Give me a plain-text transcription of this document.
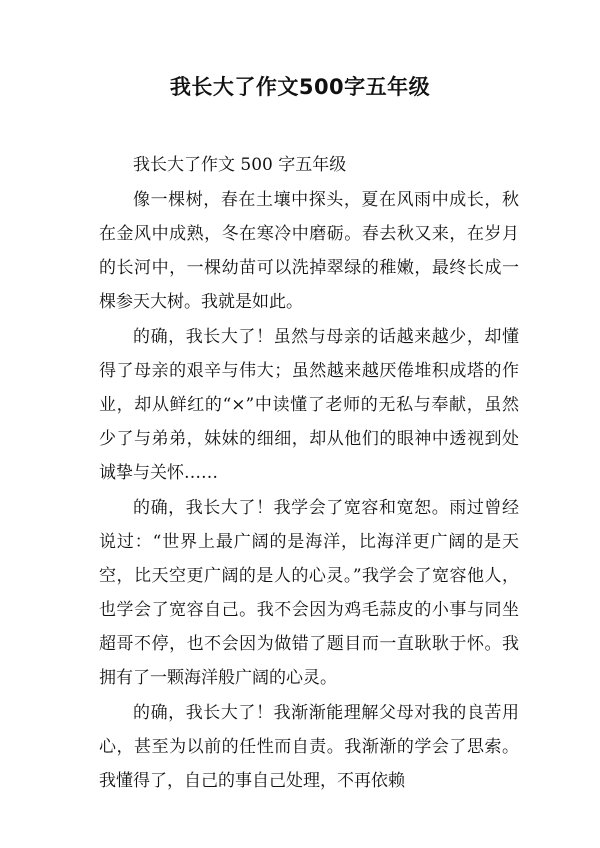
我长大了作文500字五年级

我长大了作文 500 字五年级

像一棵树，春在土壤中探头，夏在风雨中成长，秋在金风中成熟，冬在寒冷中磨砺。春去秋又来，在岁月的长河中，一棵幼苗可以洗掉翠绿的稚嫩，最终长成一棵参天大树。我就是如此。

的确，我长大了！虽然与母亲的话越来越少，却懂得了母亲的艰辛与伟大；虽然越来越厌倦堆积成塔的作业，却从鲜红的“×”中读懂了老师的无私与奉献，虽然少了与弟弟，妹妹的细细，却从他们的眼神中透视到处诚挚与关怀……

的确，我长大了！我学会了宽容和宽恕。雨过曾经说过：“世界上最广阔的是海洋，比海洋更广阔的是天空，比天空更广阔的是人的心灵。”我学会了宽容他人，也学会了宽容自己。我不会因为鸡毛蒜皮的小事与同坐超哥不停，也不会因为做错了题目而一直耿耿于怀。我拥有了一颗海洋般广阔的心灵。

的确，我长大了！我渐渐能理解父母对我的良苦用心，甚至为以前的任性而自责。我渐渐的学会了思索。我懂得了，自己的事自己处理，不再依赖
